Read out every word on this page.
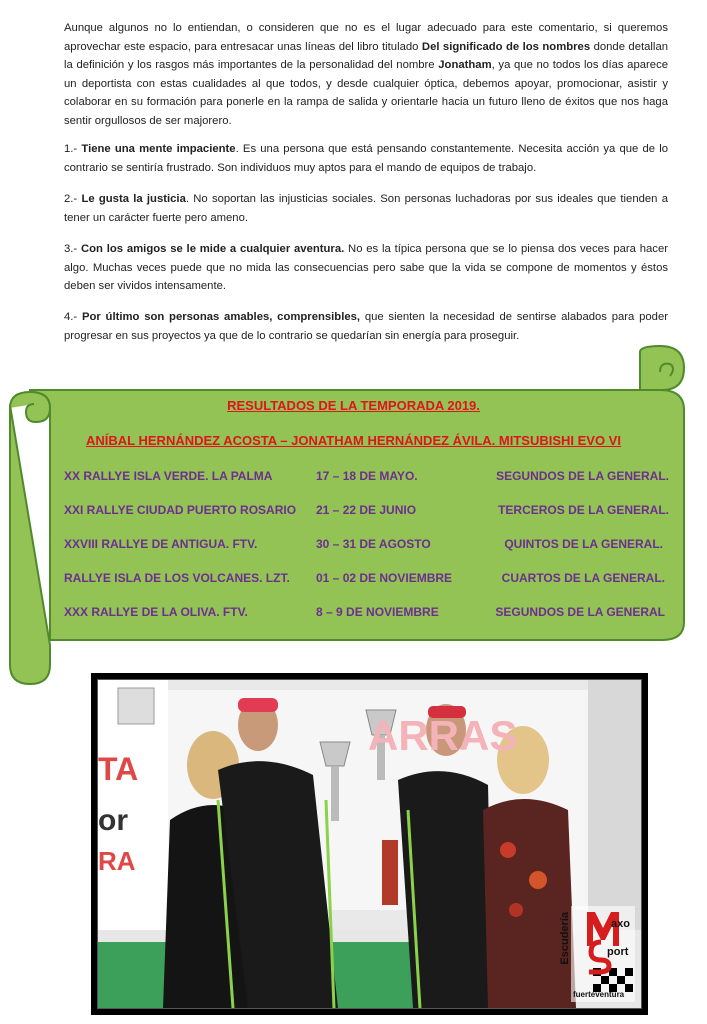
Aunque algunos no lo entiendan, o consideren que no es el lugar adecuado para este comentario, si queremos aprovechar este espacio, para entresacar unas líneas del libro titulado Del significado de los nombres donde detallan la definición y los rasgos más importantes de la personalidad del nombre Jonatham, ya que no todos los días aparece un deportista con estas cualidades al que todos, y desde cualquier óptica, debemos apoyar, promocionar, asistir y colaborar en su formación para ponerle en la rampa de salida y orientarle hacia un futuro lleno de éxitos que nos haga sentir orgullosos de ser majorero.

1.- Tiene una mente impaciente. Es una persona que está pensando constantemente. Necesita acción ya que de lo contrario se sentiría frustrado. Son individuos muy aptos para el mando de equipos de trabajo.

2.- Le gusta la justicia. No soportan las injusticias sociales. Son personas luchadoras por sus ideales que tienden a tener un carácter fuerte pero ameno.

3.- Con los amigos se le mide a cualquier aventura. No es la típica persona que se lo piensa dos veces para hacer algo. Muchas veces puede que no mida las consecuencias pero sabe que la vida se compone de momentos y éstos deben ser vividos intensamente.

4.- Por último son personas amables, comprensibles, que sienten la necesidad de sentirse alabados para poder progresar en sus proyectos ya que de lo contrario se quedarían sin energía para proseguir.

RESULTADOS DE LA TEMPORADA 2019.
ANÍBAL HERNÁNDEZ ACOSTA – JONATHAM HERNÁNDEZ ÁVILA. MITSUBISHI EVO VI
XX RALLYE ISLA VERDE. LA PALMA	17 – 18 DE MAYO.	SEGUNDOS DE LA GENERAL.
XXI RALLYE CIUDAD PUERTO ROSARIO 21 – 22 DE JUNIO	TERCEROS DE LA GENERAL.
XXVIII RALLYE DE ANTIGUA. FTV.	30 – 31 DE AGOSTO	QUINTOS DE LA GENERAL.
RALLYE ISLA DE LOS VOLCANES. LZT. 01 – 02 DE NOVIEMBRE	CUARTOS DE LA GENERAL.
XXX RALLYE DE LA OLIVA. FTV.	8 – 9 DE NOVIEMBRE	SEGUNDOS DE LA GENERAL
ARRAS
TA
or
RA
Escudería	axo
port
fuerteventura
